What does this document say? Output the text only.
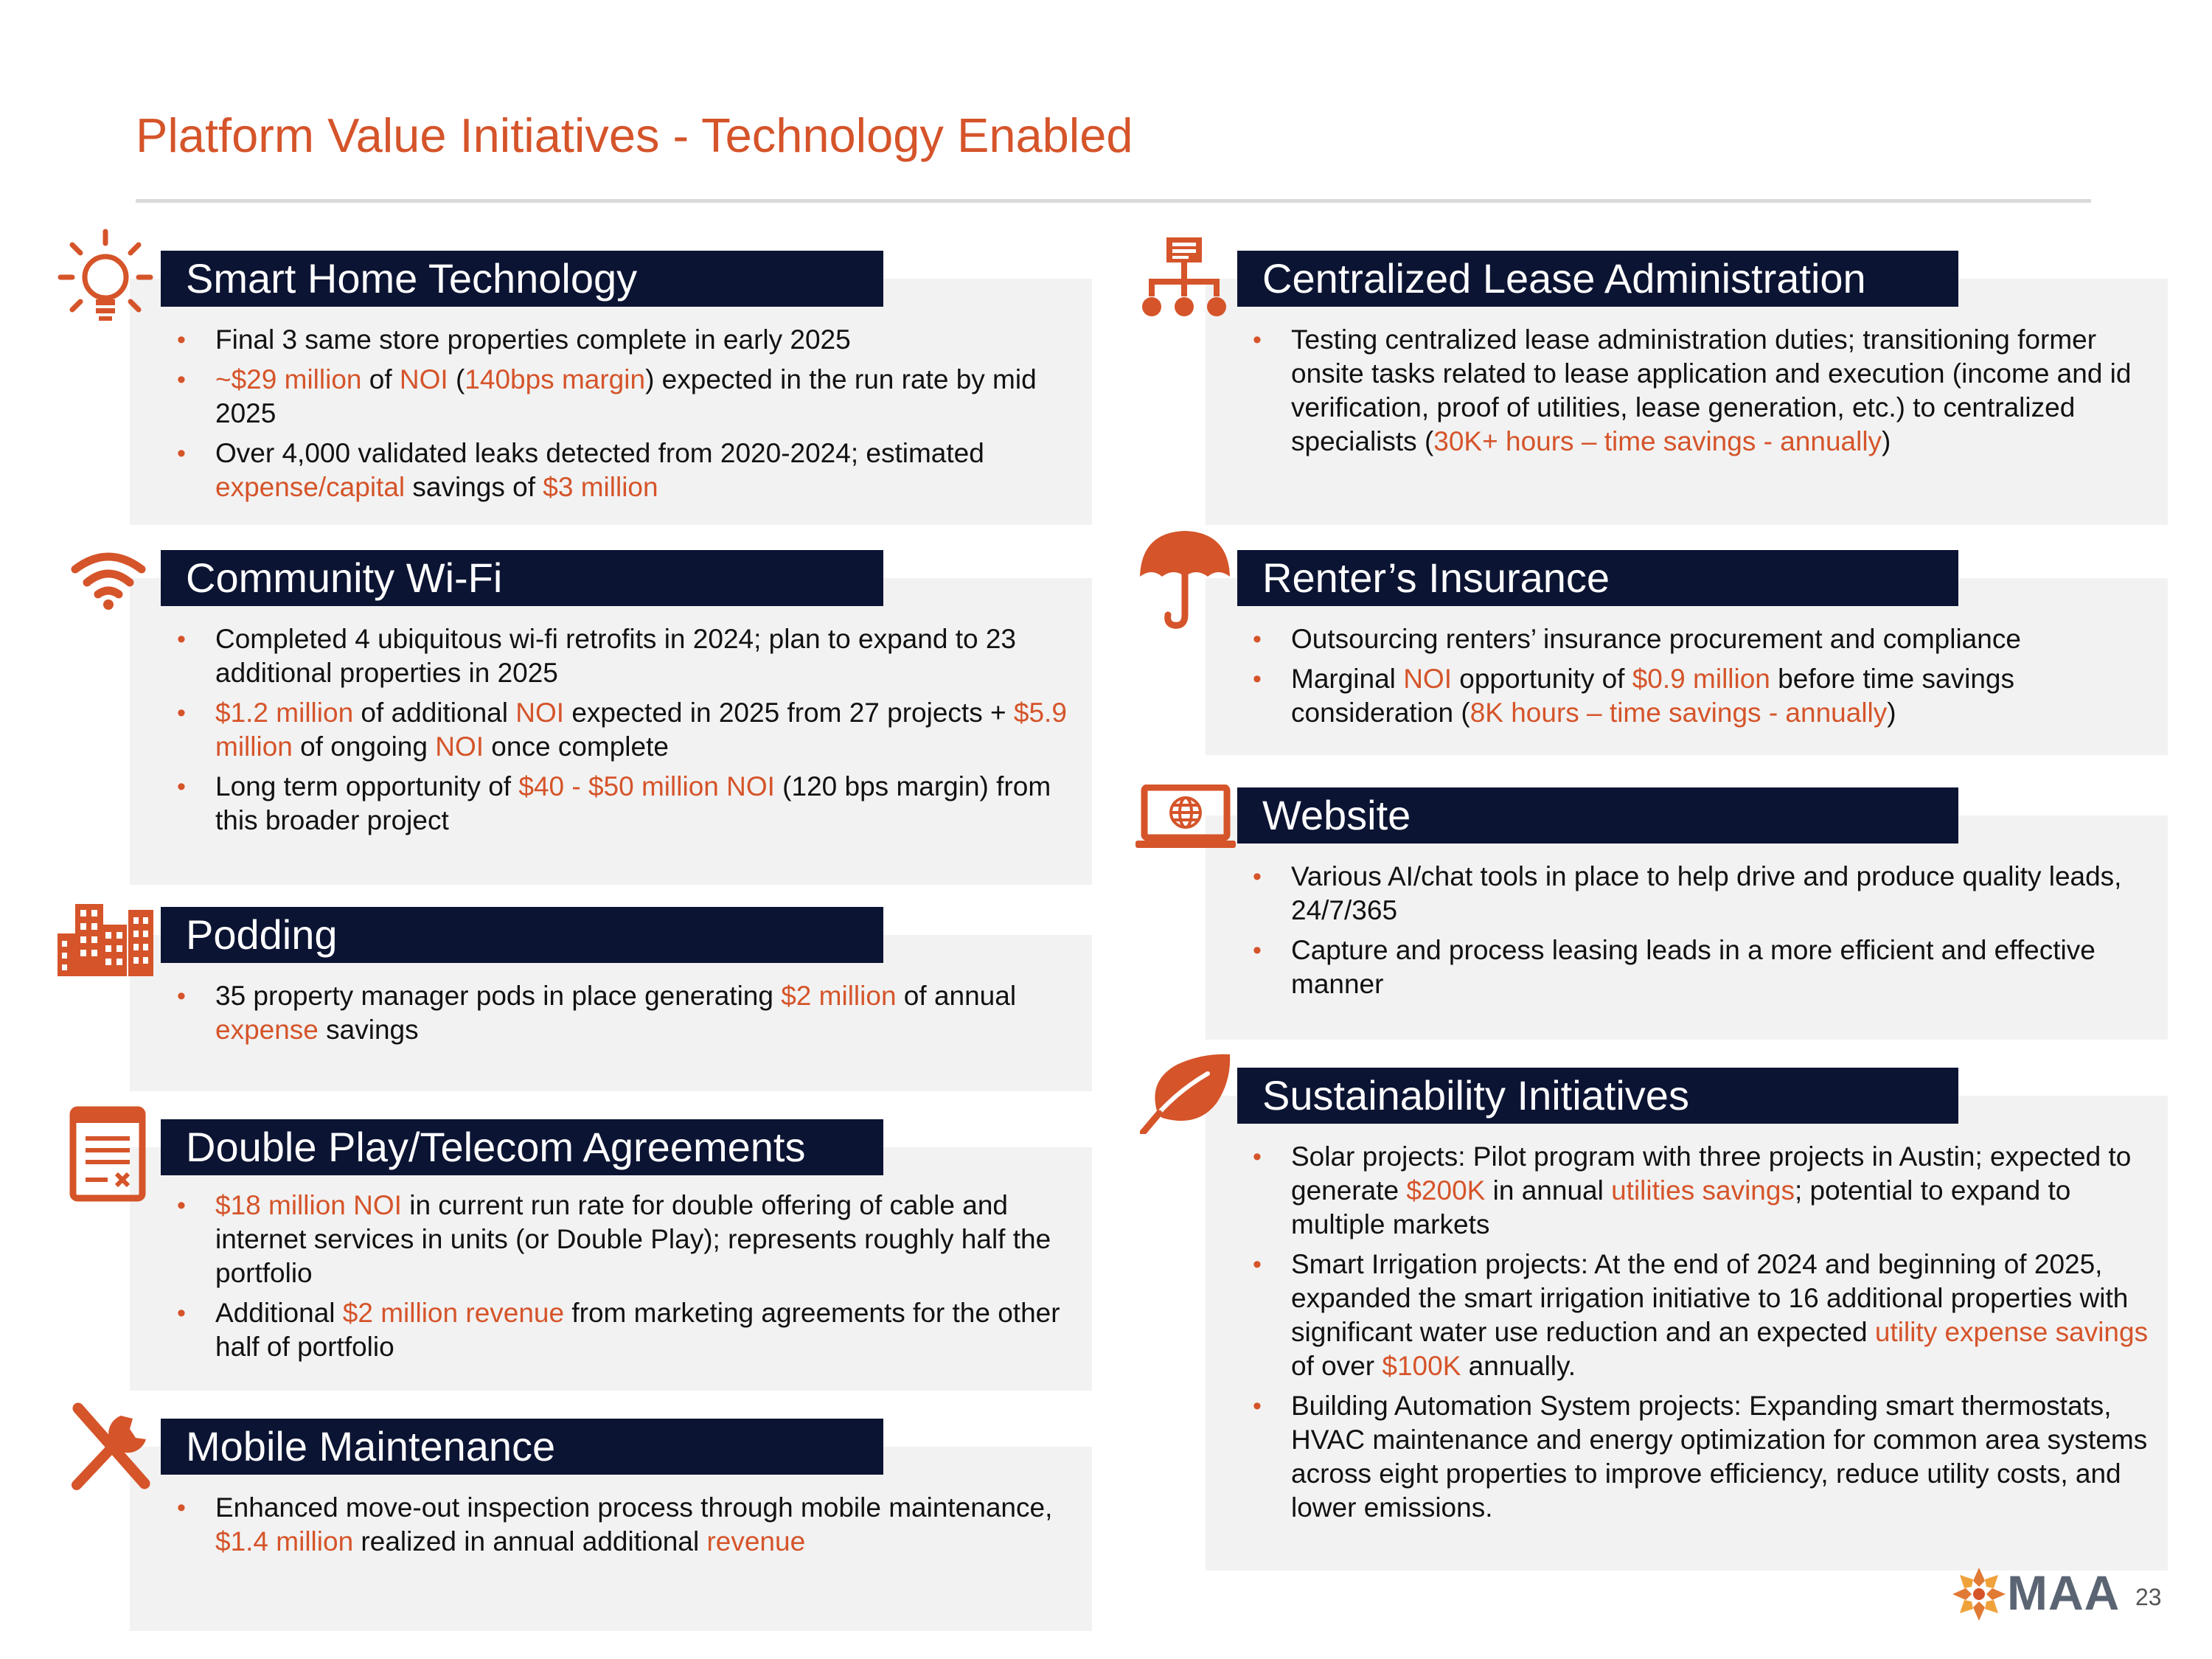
Platform Value Initiatives - Technology Enabled
Smart Home Technology
• Final 3 same store properties complete in early 2025
• ~$29 million of NOI (140bps margin) expected in the run rate by mid 2025
• Over 4,000 validated leaks detected from 2020-2024; estimated expense/capital savings of $3 million
Community Wi-Fi
• Completed 4 ubiquitous wi-fi retrofits in 2024; plan to expand to 23 additional properties in 2025
• $1.2 million of additional NOI expected in 2025 from 27 projects + $5.9 million of ongoing NOI once complete
• Long term opportunity of $40 - $50 million NOI (120 bps margin) from this broader project
Podding
• 35 property manager pods in place generating $2 million of annual expense savings
Double Play/Telecom Agreements
• $18 million NOI in current run rate for double offering of cable and internet services in units (or Double Play); represents roughly half the portfolio
• Additional $2 million revenue from marketing agreements for the other half of portfolio
Mobile Maintenance
• Enhanced move-out inspection process through mobile maintenance, $1.4 million realized in annual additional revenue
Centralized Lease Administration
• Testing centralized lease administration duties; transitioning former onsite tasks related to lease application and execution (income and id verification, proof of utilities, lease generation, etc.) to centralized specialists (30K+ hours – time savings - annually)
Renter’s Insurance
• Outsourcing renters’ insurance procurement and compliance
• Marginal NOI opportunity of $0.9 million before time savings consideration (8K hours – time savings - annually)
Website
• Various AI/chat tools in place to help drive and produce quality leads, 24/7/365
• Capture and process leasing leads in a more efficient and effective manner
Sustainability Initiatives
• Solar projects: Pilot program with three projects in Austin; expected to generate $200K in annual utilities savings; potential to expand to multiple markets
• Smart Irrigation projects: At the end of 2024 and beginning of 2025, expanded the smart irrigation initiative to 16 additional properties with significant water use reduction and an expected utility expense savings of over $100K annually.
• Building Automation System projects: Expanding smart thermostats, HVAC maintenance and energy optimization for common area systems across eight properties to improve efficiency, reduce utility costs, and lower emissions.
MAA 23
